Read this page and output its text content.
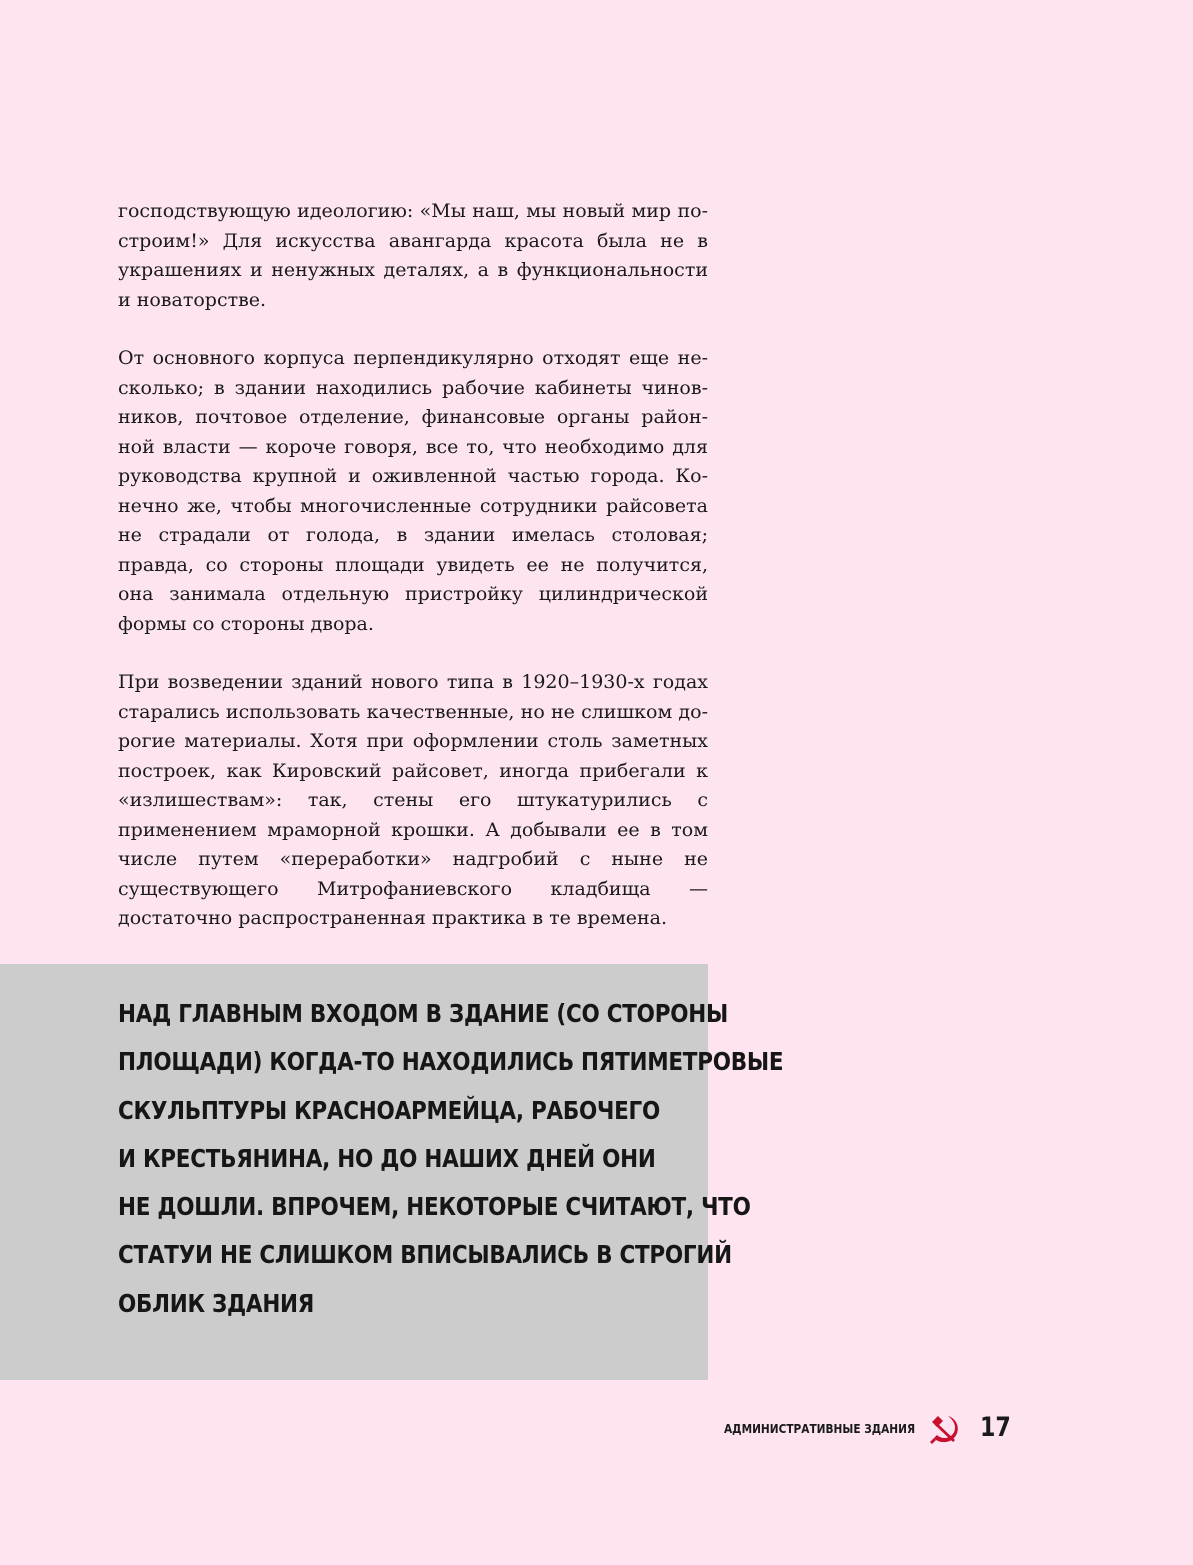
господствующую идеологию: «Мы наш, мы новый мир построим!» Для искусства авангарда красота была не в украшениях и ненужных деталях, а в функциональности и новаторстве.

От основного корпуса перпендикулярно отходят еще несколько; в здании находились рабочие кабинеты чиновников, почтовое отделение, финансовые органы районной власти — короче говоря, все то, что необходимо для руководства крупной и оживленной частью города. Конечно же, чтобы многочисленные сотрудники райсовета не страдали от голода, в здании имелась столовая; правда, со стороны площади увидеть ее не получится, она занимала отдельную пристройку цилиндрической формы со стороны двора.

При возведении зданий нового типа в 1920–1930-х годах старались использовать качественные, но не слишком дорогие материалы. Хотя при оформлении столь заметных построек, как Кировский райсовет, иногда прибегали к «излишествам»: так, стены его штукатурились с применением мраморной крошки. А добывали ее в том числе путем «переработки» надгробий с ныне не существующего Митрофаниевского кладбища — достаточно распространенная практика в те времена.

НАД ГЛАВНЫМ ВХОДОМ В ЗДАНИЕ (СО СТОРОНЫ
ПЛОЩАДИ) КОГДА-ТО НАХОДИЛИСЬ ПЯТИМЕТРОВЫЕ
СКУЛЬПТУРЫ КРАСНОАРМЕЙЦА, РАБОЧЕГО
И КРЕСТЬЯНИНА, НО ДО НАШИХ ДНЕЙ ОНИ
НЕ ДОШЛИ. ВПРОЧЕМ, НЕКОТОРЫЕ СЧИТАЮТ, ЧТО
СТАТУИ НЕ СЛИШКОМ ВПИСЫВАЛИСЬ В СТРОГИЙ
ОБЛИК ЗДАНИЯ

АДМИНИСТРАТИВНЫЕ ЗДАНИЯ 17
